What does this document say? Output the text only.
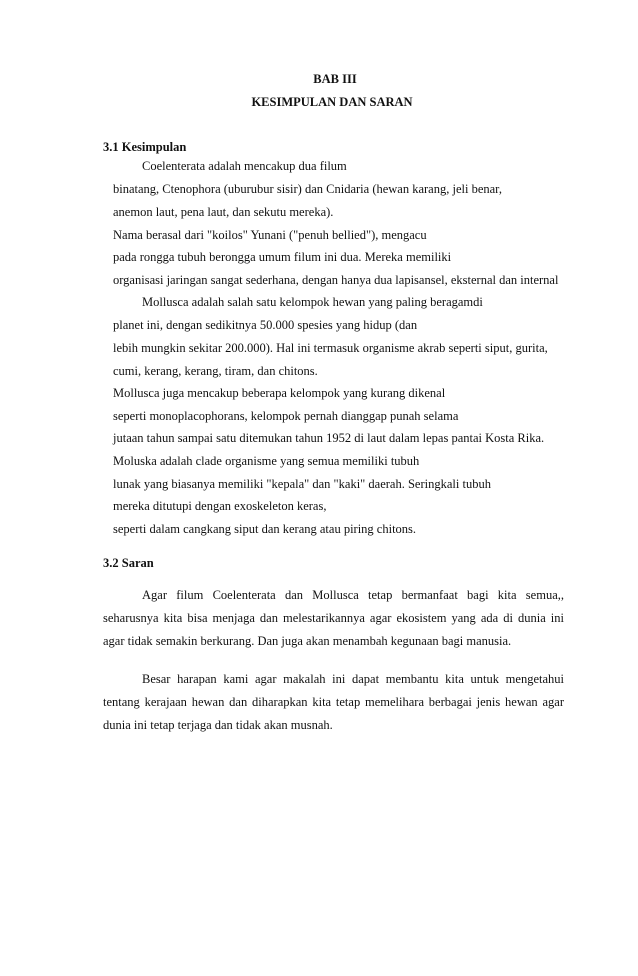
BAB III
KESIMPULAN DAN SARAN
3.1 Kesimpulan
Coelenterata adalah mencakup dua filum
binatang, Ctenophora (uburubur sisir) dan Cnidaria (hewan karang, jeli benar,
anemon laut, pena laut, dan sekutu mereka).
Nama berasal dari "koilos" Yunani ("penuh bellied"), mengacu
pada rongga tubuh berongga umum filum ini dua. Mereka memiliki
organisasi jaringan sangat sederhana, dengan hanya dua lapisansel, eksternal dan internal
Mollusca adalah salah satu kelompok hewan yang paling beragamdi
planet ini, dengan sedikitnya 50.000 spesies yang hidup (dan
lebih mungkin sekitar 200.000). Hal ini termasuk organisme akrab seperti siput, gurita,
cumi, kerang, kerang, tiram, dan chitons.
Mollusca juga mencakup beberapa kelompok yang kurang dikenal
seperti monoplacophorans, kelompok pernah dianggap punah selama
jutaan tahun sampai satu ditemukan tahun 1952 di laut dalam lepas pantai Kosta Rika.
Moluska adalah clade organisme yang semua memiliki tubuh
lunak yang biasanya memiliki "kepala" dan "kaki" daerah. Seringkali tubuh
mereka ditutupi dengan exoskeleton keras,
seperti dalam cangkang siput dan kerang atau piring chitons.
3.2 Saran
Agar filum Coelenterata dan Mollusca tetap bermanfaat bagi kita semua,,
seharusnya kita bisa menjaga dan melestarikannya agar ekosistem yang ada di dunia ini
agar tidak semakin berkurang. Dan juga akan menambah kegunaan bagi manusia.
Besar harapan kami agar makalah ini dapat membantu kita untuk mengetahui
tentang kerajaan hewan dan diharapkan kita tetap memelihara berbagai jenis hewan agar
dunia ini tetap terjaga dan tidak akan musnah.
